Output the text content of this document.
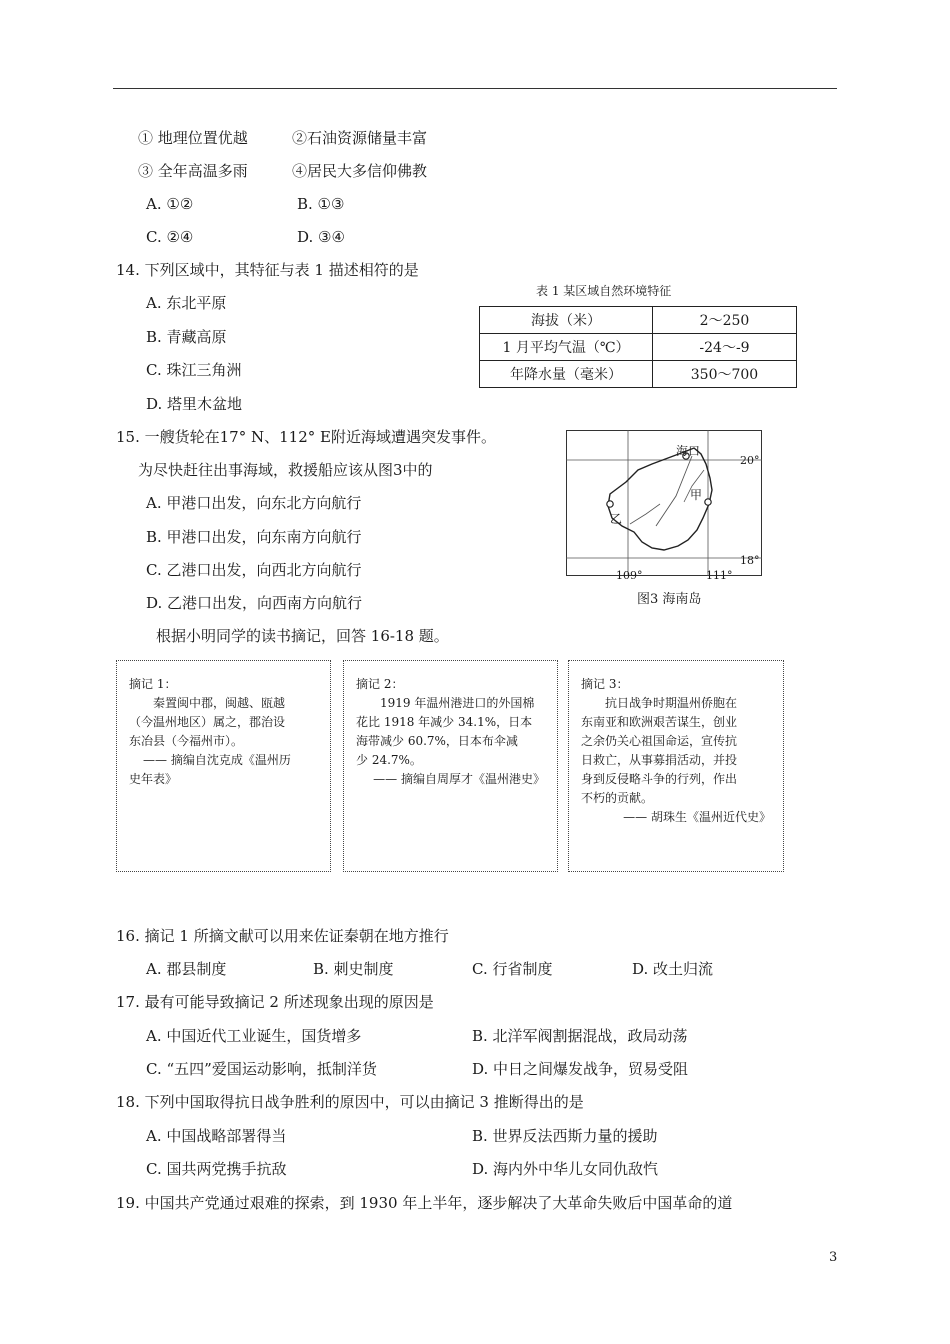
① 地理位置优越	②石油资源储量丰富
③ 全年高温多雨	④居民大多信仰佛教
A. ①②	B. ①③
C. ②④	D. ③④
14. 下列区域中，其特征与表 1 描述相符的是
A. 东北平原
B. 青藏高原
C. 珠江三角洲
D. 塔里木盆地
表 1 某区域自然环境特征
海拔（米）	2～250
1 月平均气温（℃）	-24～-9
年降水量（毫米）	350～700
15. 一艘货轮在17° N、112° E附近海域遭遇突发事件。
为尽快赶往出事海域，救援船应该从图3中的
A. 甲港口出发，向东北方向航行
B. 甲港口出发，向东南方向航行
C. 乙港口出发，向西北方向航行
D. 乙港口出发，向西南方向航行
海口
甲
乙
20°
18°
109°	111°
图3 海南岛
根据小明同学的读书摘记，回答 16-18 题。
摘记 1：
秦置闽中郡，闽越、瓯越
（今温州地区）属之，郡治设
东冶县（今福州市）。
—— 摘编自沈克成《温州历
史年表》
摘记 2：
1919 年温州港进口的外国棉
花比 1918 年减少 34.1%，日本
海带减少 60.7%，日本布伞减
少 24.7%。
—— 摘编自周厚才《温州港史》
摘记 3：
抗日战争时期温州侨胞在
东南亚和欧洲艰苦谋生，创业
之余仍关心祖国命运，宣传抗
日救亡，从事募捐活动，并投
身到反侵略斗争的行列，作出
不朽的贡献。
—— 胡珠生《温州近代史》
16. 摘记 1 所摘文献可以用来佐证秦朝在地方推行
A. 郡县制度	B. 刺史制度	C. 行省制度	D. 改土归流
17. 最有可能导致摘记 2 所述现象出现的原因是
A. 中国近代工业诞生，国货增多	B. 北洋军阀割据混战，政局动荡
C. “五四”爱国运动影响，抵制洋货	D. 中日之间爆发战争，贸易受阻
18. 下列中国取得抗日战争胜利的原因中，可以由摘记 3 推断得出的是
A. 中国战略部署得当	B. 世界反法西斯力量的援助
C. 国共两党携手抗敌	D. 海内外中华儿女同仇敌忾
19. 中国共产党通过艰难的探索，到 1930 年上半年，逐步解决了大革命失败后中国革命的道
3
